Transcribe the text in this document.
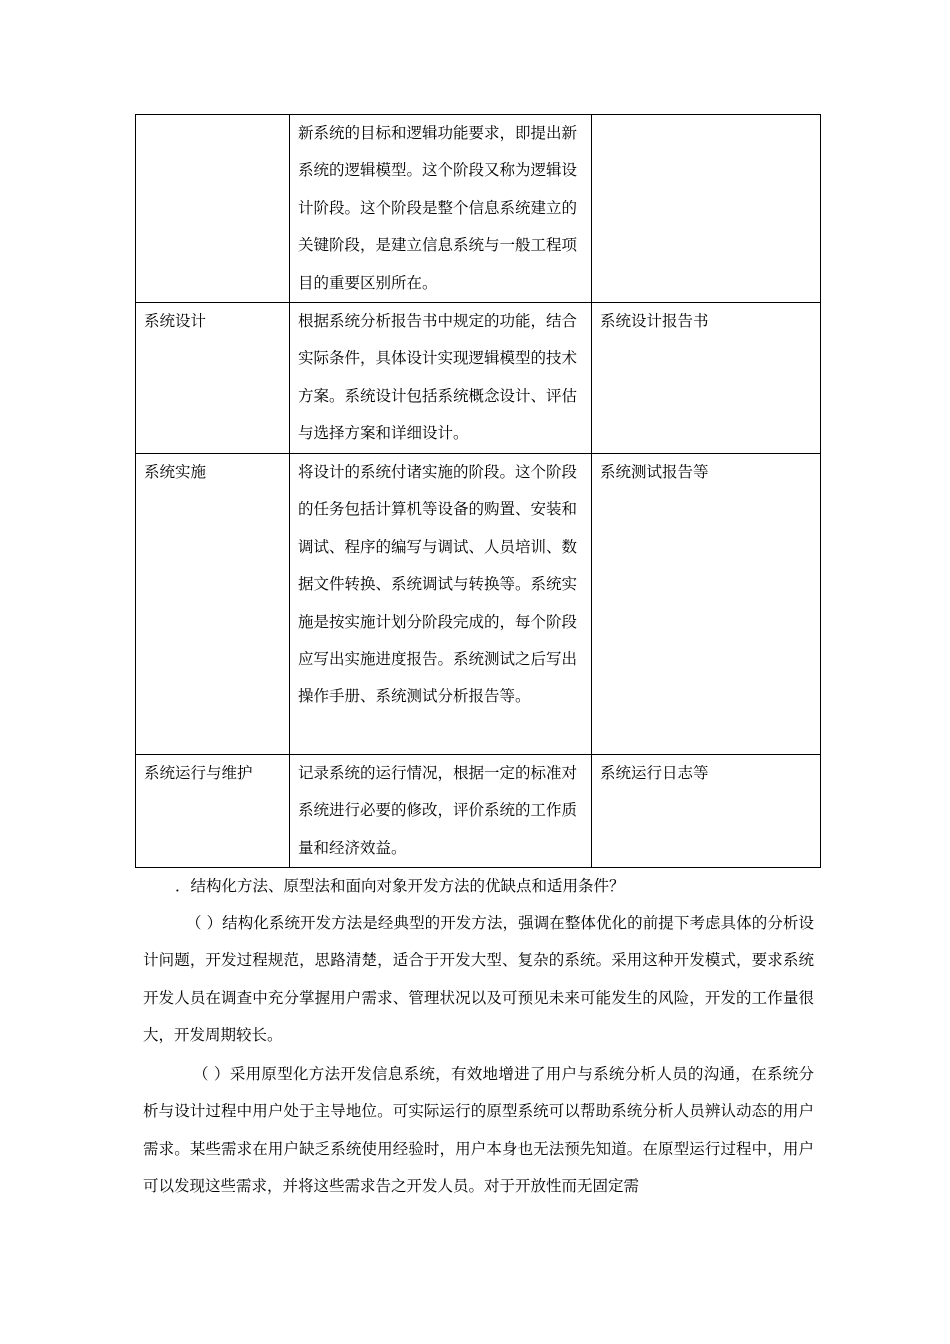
	新系统的目标和逻辑功能要求，即提出新系统的逻辑模型。这个阶段又称为逻辑设计阶段。这个阶段是整个信息系统建立的关键阶段，是建立信息系统与一般工程项目的重要区别所在。	
系统设计	根据系统分析报告书中规定的功能，结合实际条件，具体设计实现逻辑模型的技术方案。系统设计包括系统概念设计、评估与选择方案和详细设计。	系统设计报告书
系统实施	将设计的系统付诸实施的阶段。这个阶段的任务包括计算机等设备的购置、安装和调试、程序的编写与调试、人员培训、数据文件转换、系统调试与转换等。系统实施是按实施计划分阶段完成的，每个阶段应写出实施进度报告。系统测试之后写出操作手册、系统测试分析报告等。	系统测试报告等
系统运行与维护	记录系统的运行情况，根据一定的标准对系统进行必要的修改，评价系统的工作质量和经济效益。	系统运行日志等

．结构化方法、原型法和面向对象开发方法的优缺点和适用条件？

（ ）结构化系统开发方法是经典型的开发方法，强调在整体优化的前提下考虑具体的分析设计问题，开发过程规范，思路清楚，适合于开发大型、复杂的系统。采用这种开发模式，要求系统开发人员在调查中充分掌握用户需求、管理状况以及可预见未来可能发生的风险，开发的工作量很大，开发周期较长。

（ ）采用原型化方法开发信息系统，有效地增进了用户与系统分析人员的沟通，在系统分析与设计过程中用户处于主导地位。可实际运行的原型系统可以帮助系统分析人员辨认动态的用户需求。某些需求在用户缺乏系统使用经验时，用户本身也无法预先知道。在原型运行过程中，用户可以发现这些需求，并将这些需求告之开发人员。对于开放性而无固定需
